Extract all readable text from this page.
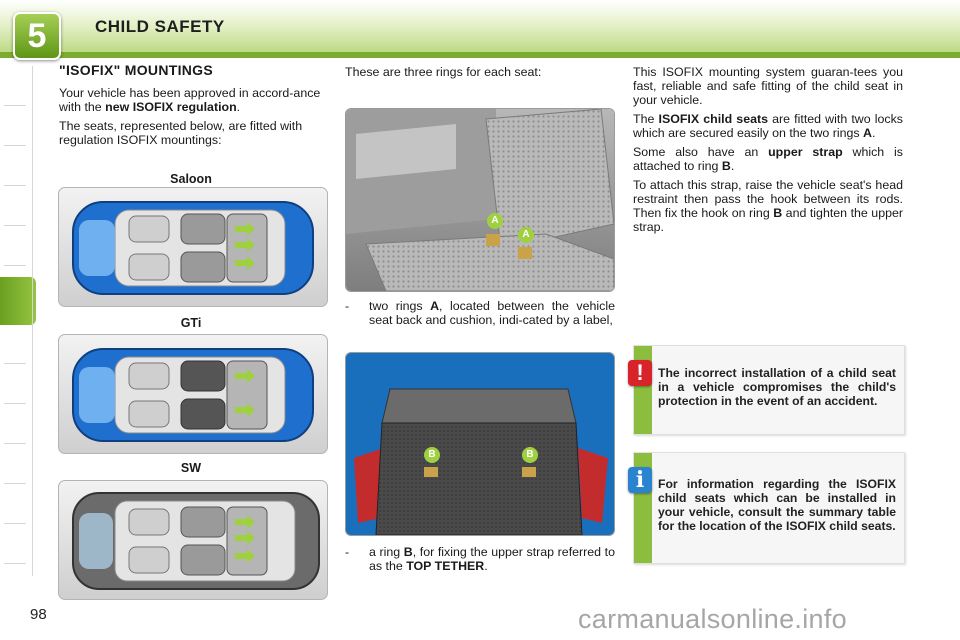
5	CHILD SAFETY
98
"ISOFIX" MOUNTINGS

Your vehicle has been approved in accord-ance with the new ISOFIX regulation.

The seats, represented below, are fitted with regulation ISOFIX mountings:

Saloon
GTi
SW
These are three rings for each seat:
A
A
- two rings A, located between the vehicle seat back and cushion, indi-cated by a label,
B	B
- a ring B, for fixing the upper strap referred to as the TOP TETHER.

This ISOFIX mounting system guaran-tees you fast, reliable and safe fitting of the child seat in your vehicle.

The ISOFIX child seats are fitted with two locks which are secured easily on the two rings A.

Some also have an upper strap which is attached to ring B.

To attach this strap, raise the vehicle seat's head restraint then pass the hook between its rods. Then fix the hook on ring B and tighten the upper strap.

The incorrect installation of a child seat in a vehicle compromises the child's protection in the event of an accident.
!
For information regarding the ISOFIX child seats which can be installed in your vehicle, consult the summary table for the location of the ISOFIX child seats.
i
carmanualsonline.info
